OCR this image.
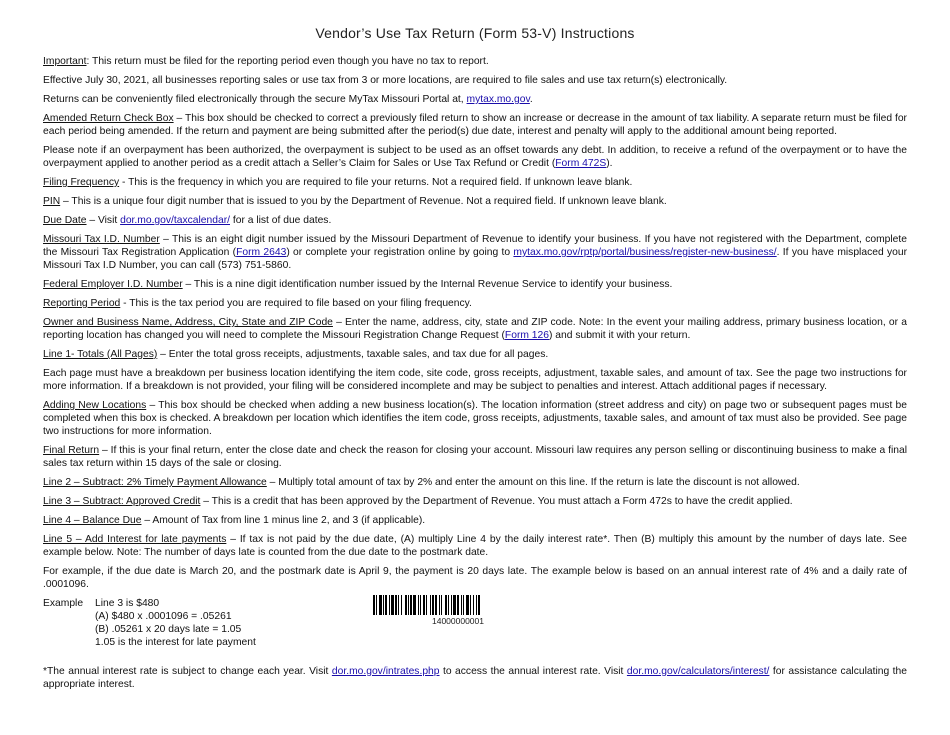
Vendor’s Use Tax Return (Form 53-V) Instructions

Important: This return must be filed for the reporting period even though you have no tax to report.

Effective July 30, 2021, all businesses reporting sales or use tax from 3 or more locations, are required to file sales and use tax return(s) electronically.

Returns can be conveniently filed electronically through the secure MyTax Missouri Portal at, mytax.mo.gov.

Amended Return Check Box – This box should be checked to correct a previously filed return to show an increase or decrease in the amount of tax liability. A separate return must be filed for each period being amended. If the return and payment are being submitted after the period(s) due date, interest and penalty will apply to the additional amount being reported.

Please note if an overpayment has been authorized, the overpayment is subject to be used as an offset towards any debt. In addition, to receive a refund of the overpayment or to have the overpayment applied to another period as a credit attach a Seller’s Claim for Sales or Use Tax Refund or Credit (Form 472S).

Filing Frequency - This is the frequency in which you are required to file your returns. Not a required field. If unknown leave blank.

PIN – This is a unique four digit number that is issued to you by the Department of Revenue. Not a required field. If unknown leave blank.

Due Date – Visit dor.mo.gov/taxcalendar/ for a list of due dates.

Missouri Tax I.D. Number – This is an eight digit number issued by the Missouri Department of Revenue to identify your business. If you have not registered with the Department, complete the Missouri Tax Registration Application (Form 2643) or complete your registration online by going to mytax.mo.gov/rptp/portal/business/register-new-business/. If you have misplaced your Missouri Tax I.D Number, you can call (573) 751-5860.

Federal Employer I.D. Number – This is a nine digit identification number issued by the Internal Revenue Service to identify your business.

Reporting Period - This is the tax period you are required to file based on your filing frequency.

Owner and Business Name, Address, City, State and ZIP Code – Enter the name, address, city, state and ZIP code. Note: In the event your mailing address, primary business location, or a reporting location has changed you will need to complete the Missouri Registration Change Request (Form 126) and submit it with your return.

Line 1- Totals (All Pages) – Enter the total gross receipts, adjustments, taxable sales, and tax due for all pages.

Each page must have a breakdown per business location identifying the item code, site code, gross receipts, adjustment, taxable sales, and amount of tax. See the page two instructions for more information. If a breakdown is not provided, your filing will be considered incomplete and may be subject to penalties and interest. Attach additional pages if necessary.

Adding New Locations – This box should be checked when adding a new business location(s). The location information (street address and city) on page two or subsequent pages must be completed when this box is checked. A breakdown per location which identifies the item code, gross receipts, adjustments, taxable sales, and amount of tax must also be provided. See page two instructions for more information.

Final Return – If this is your final return, enter the close date and check the reason for closing your account. Missouri law requires any person selling or discontinuing business to make a final sales tax return within 15 days of the sale or closing.

Line 2 – Subtract: 2% Timely Payment Allowance – Multiply total amount of tax by 2% and enter the amount on this line. If the return is late the discount is not allowed.

Line 3 – Subtract: Approved Credit – This is a credit that has been approved by the Department of Revenue. You must attach a Form 472s to have the credit applied.

Line 4 – Balance Due – Amount of Tax from line 1 minus line 2, and 3 (if applicable).

Line 5 – Add Interest for late payments – If tax is not paid by the due date, (A) multiply Line 4 by the daily interest rate*. Then (B) multiply this amount by the number of days late. See example below. Note: The number of days late is counted from the due date to the postmark date.

For example, if the due date is March 20, and the postmark date is April 9, the payment is 20 days late. The example below is based on an annual interest rate of 4% and a daily rate of .0001096.

Example Line 3 is $480
(A) $480 x .0001096 = .05261
(B) .05261 x 20 days late = 1.05
1.05 is the interest for late payment
14000000001

*The annual interest rate is subject to change each year. Visit dor.mo.gov/intrates.php to access the annual interest rate. Visit dor.mo.gov/calculators/interest/ for assistance calculating the appropriate interest.
